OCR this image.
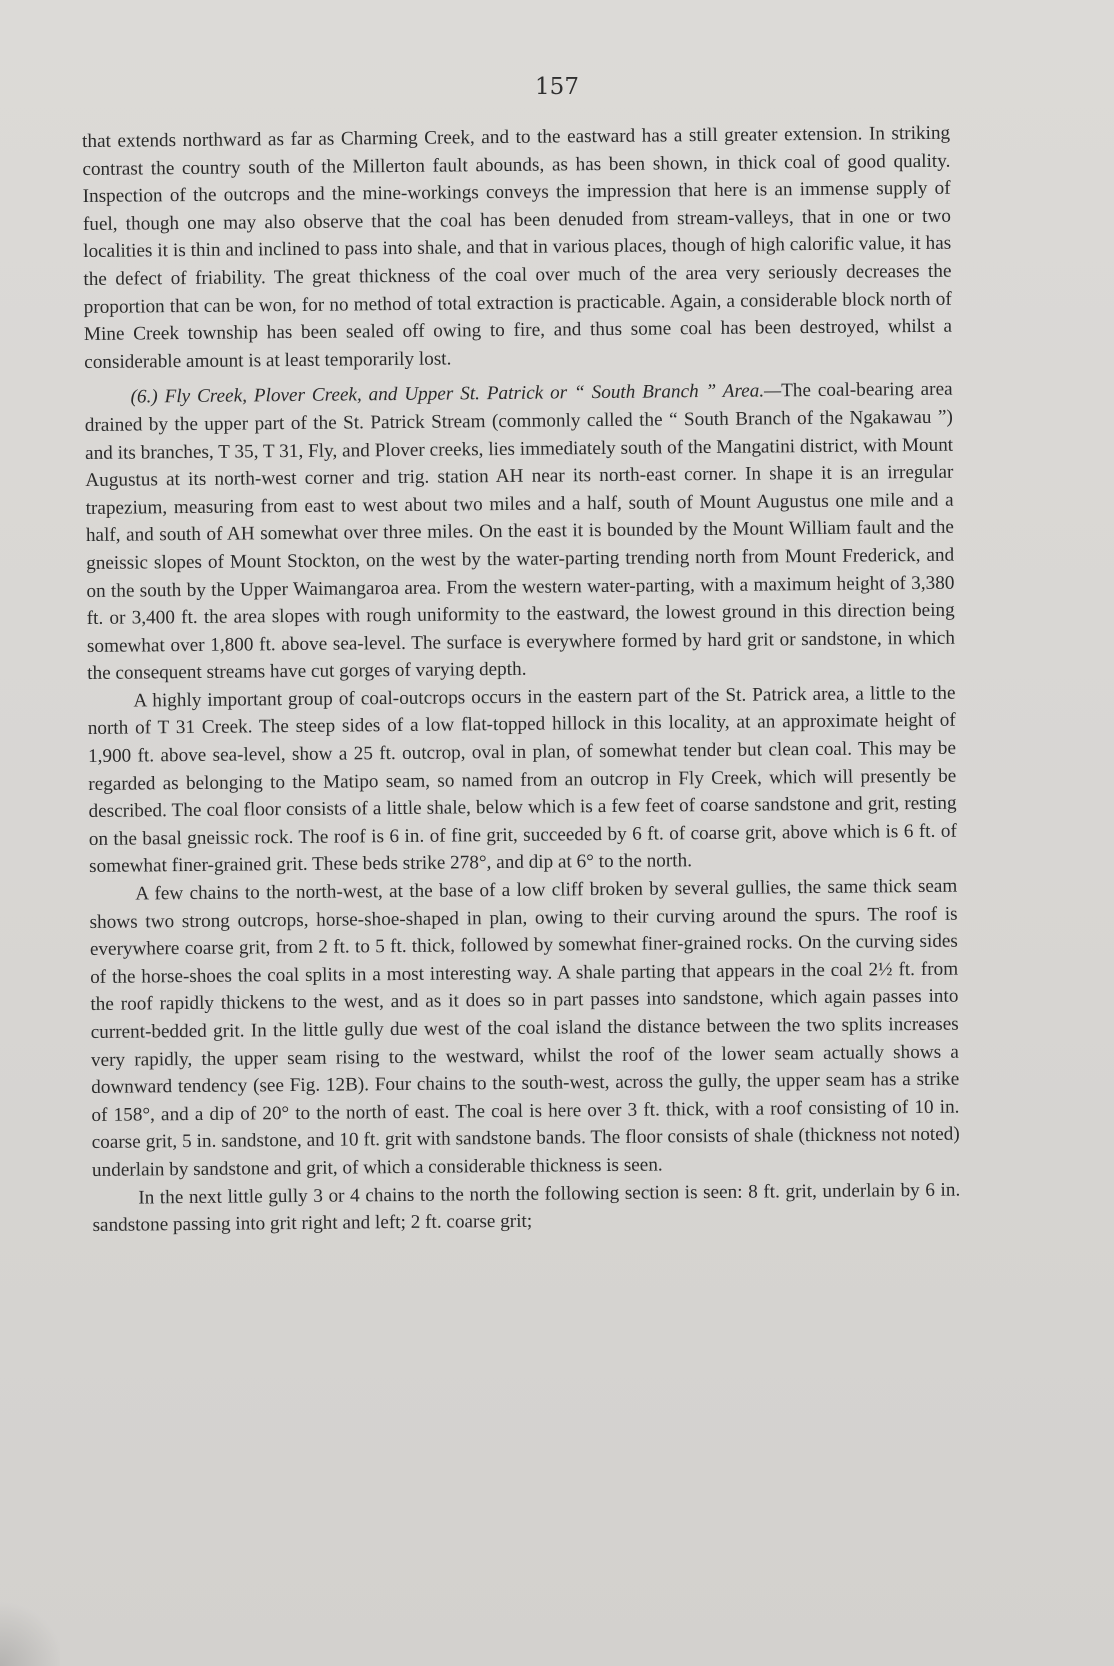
157

that extends northward as far as Charming Creek, and to the eastward has a still greater extension. In striking contrast the country south of the Millerton fault abounds, as has been shown, in thick coal of good quality. Inspection of the outcrops and the mine-workings conveys the impression that here is an immense supply of fuel, though one may also observe that the coal has been denuded from stream-valleys, that in one or two localities it is thin and inclined to pass into shale, and that in various places, though of high calorific value, it has the defect of friability. The great thickness of the coal over much of the area very seriously decreases the proportion that can be won, for no method of total extraction is practicable. Again, a considerable block north of Mine Creek township has been sealed off owing to fire, and thus some coal has been destroyed, whilst a considerable amount is at least temporarily lost.

(6.) Fly Creek, Plover Creek, and Upper St. Patrick or “ South Branch ” Area.—The coal-bearing area drained by the upper part of the St. Patrick Stream (commonly called the “ South Branch of the Ngakawau ”) and its branches, T 35, T 31, Fly, and Plover creeks, lies immediately south of the Mangatini district, with Mount Augustus at its north-west corner and trig. station AH near its north-east corner. In shape it is an irregular trapezium, measuring from east to west about two miles and a half, south of Mount Augustus one mile and a half, and south of AH somewhat over three miles. On the east it is bounded by the Mount William fault and the gneissic slopes of Mount Stockton, on the west by the water-parting trending north from Mount Frederick, and on the south by the Upper Waimangaroa area. From the western water-parting, with a maximum height of 3,380 ft. or 3,400 ft. the area slopes with rough uniformity to the eastward, the lowest ground in this direction being somewhat over 1,800 ft. above sea-level. The surface is everywhere formed by hard grit or sandstone, in which the consequent streams have cut gorges of varying depth.

A highly important group of coal-outcrops occurs in the eastern part of the St. Patrick area, a little to the north of T 31 Creek. The steep sides of a low flat-topped hillock in this locality, at an approximate height of 1,900 ft. above sea-level, show a 25 ft. outcrop, oval in plan, of somewhat tender but clean coal. This may be regarded as belonging to the Matipo seam, so named from an outcrop in Fly Creek, which will presently be described. The coal floor consists of a little shale, below which is a few feet of coarse sandstone and grit, resting on the basal gneissic rock. The roof is 6 in. of fine grit, succeeded by 6 ft. of coarse grit, above which is 6 ft. of somewhat finer-grained grit. These beds strike 278°, and dip at 6° to the north.

A few chains to the north-west, at the base of a low cliff broken by several gullies, the same thick seam shows two strong outcrops, horse-shoe-shaped in plan, owing to their curving around the spurs. The roof is everywhere coarse grit, from 2 ft. to 5 ft. thick, followed by somewhat finer-grained rocks. On the curving sides of the horse-shoes the coal splits in a most interesting way. A shale parting that appears in the coal 2½ ft. from the roof rapidly thickens to the west, and as it does so in part passes into sandstone, which again passes into current-bedded grit. In the little gully due west of the coal island the distance between the two splits increases very rapidly, the upper seam rising to the westward, whilst the roof of the lower seam actually shows a downward tendency (see Fig. 12B). Four chains to the south-west, across the gully, the upper seam has a strike of 158°, and a dip of 20° to the north of east. The coal is here over 3 ft. thick, with a roof consisting of 10 in. coarse grit, 5 in. sandstone, and 10 ft. grit with sandstone bands. The floor consists of shale (thickness not noted) underlain by sandstone and grit, of which a considerable thickness is seen.

In the next little gully 3 or 4 chains to the north the following section is seen: 8 ft. grit, underlain by 6 in. sandstone passing into grit right and left; 2 ft. coarse grit;
